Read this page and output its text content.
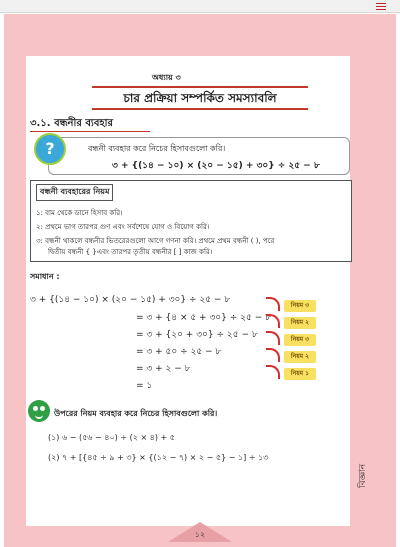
বিজ্ঞান
অধ্যায় ৩
চার প্রক্রিয়া সম্পর্কিত সমস্যাবলি
৩.১. বন্ধনীর ব্যবহার
?	বন্ধনী ব্যবহার করে নিচের হিসাবগুলো করি।
৩ + {(১৪ − ১০) × (২০ − ১৫) + ৩০} ÷ ২৫ − ৮
বন্ধনী ব্যবহারের নিয়ম
১: বাম থেকে ডানে হিসাব করি।
২: প্রথমে ভাগ তারপর গুণ এবং সর্বশেষে যোগ ও বিয়োগ করি।
৩: বন্ধনী থাকলে বন্ধনীর ভিতরেরগুলো আগে গণনা করি। প্রথমে প্রথম বন্ধনী ( ), পরে
দ্বিতীয় বন্ধনী { }এবং তারপর তৃতীয় বন্ধনীর [ ] কাজ করি।
সমাধান :
৩ + {(১৪ − ১০) × (২০ − ১৫) + ৩০} ÷ ২৫ − ৮
= ৩ + {৪ × ৫ + ৩০} ÷ ২৫ − ৮
= ৩ + {২০ + ৩০} ÷ ২৫ − ৮
= ৩ + ৫০ ÷ ২৫ − ৮
= ৩ + ২ − ৮
= ১
নিয়ম ৩
নিয়ম ২
নিয়ম ৩
নিয়ম ২
নিয়ম ১
উপরের নিয়ম ব্যবহার করে নিচের হিসাবগুলো করি।
(১) ৬ − (৫৬ − ৪০) ÷ (২ × ৪) + ৫
(২) ৭ + [{৪৫ ÷ ৯ + ৩} × {(১২ − ৭) × ২ − ৫} − ১] ÷ ১৩
১২
